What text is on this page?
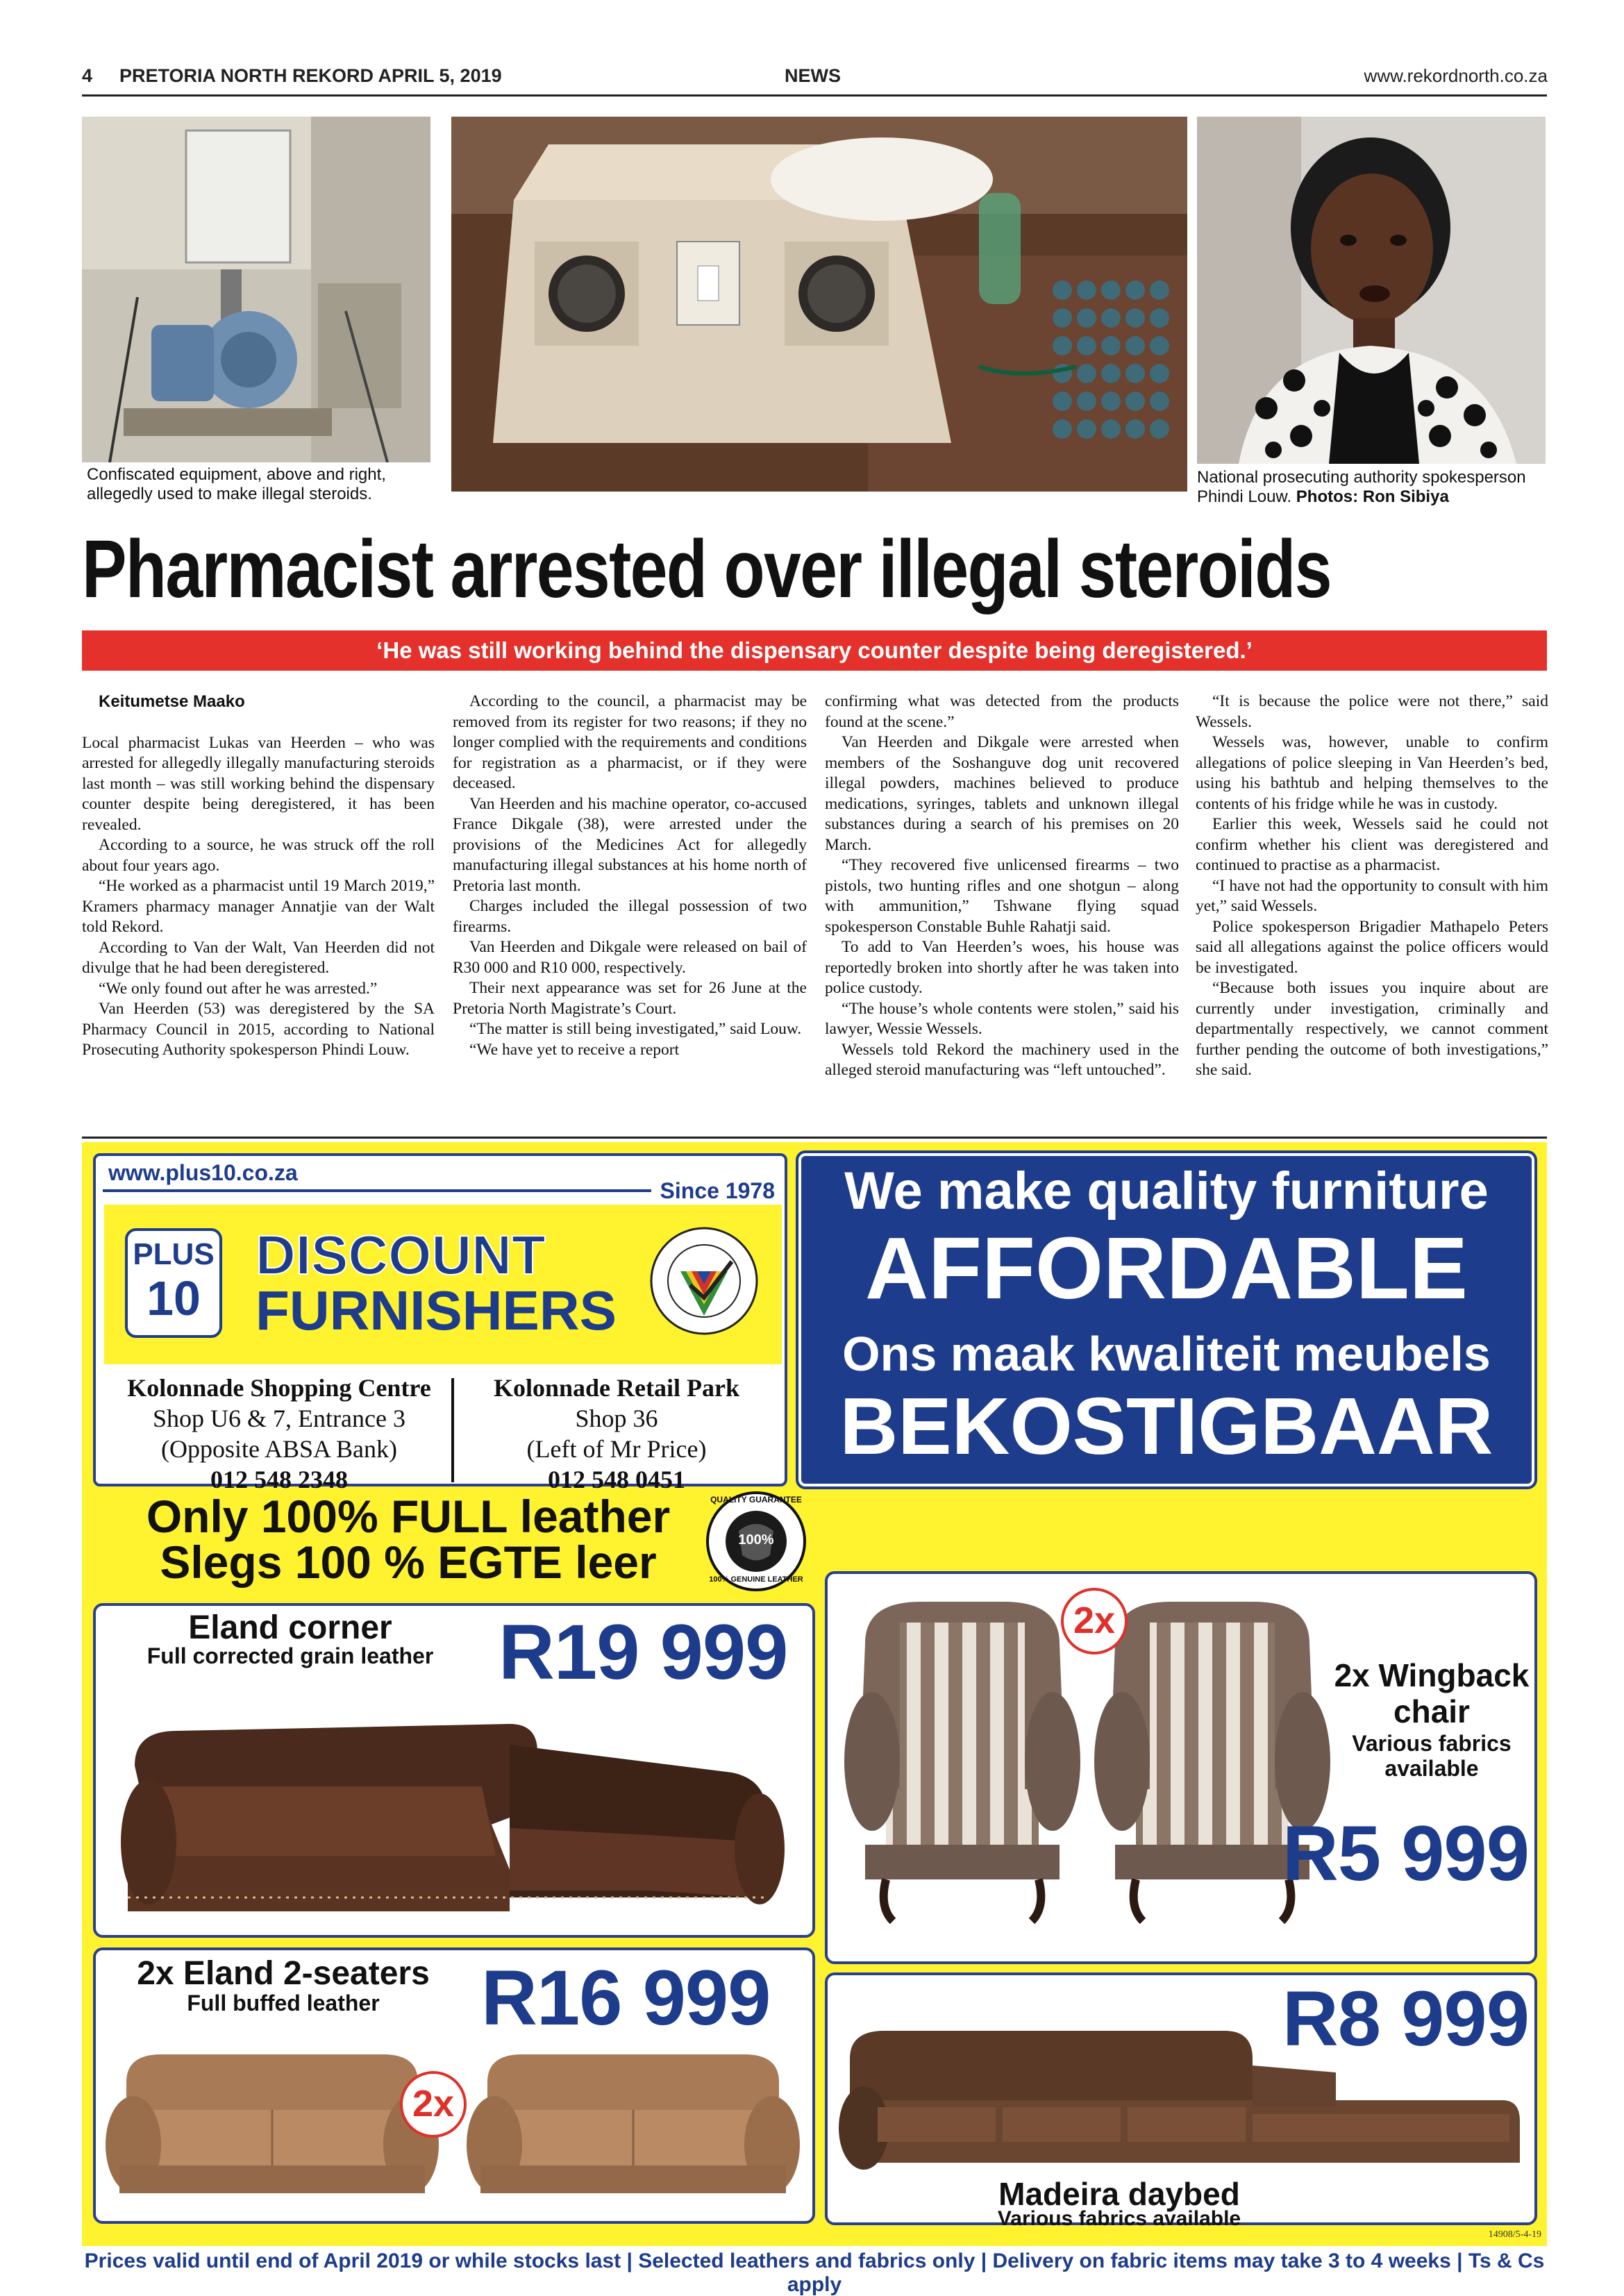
4 PRETORIA NORTH REKORD APRIL 5, 2019	NEWS	www.rekordnorth.co.za
Confiscated equipment, above and right, allegedly used to make illegal steroids.
National prosecuting authority spokesperson Phindi Louw. Photos: Ron Sibiya
Pharmacist arrested over illegal steroids
‘He was still working behind the dispensary counter despite being deregistered.’

Keitumetse Maako

Local pharmacist Lukas van Heerden – who was arrested for allegedly illegally manufacturing steroids last month – was still working behind the dispensary counter despite being deregistered, it has been revealed.

According to a source, he was struck off the roll about four years ago.

“He worked as a pharmacist until 19 March 2019,” Kramers pharmacy manager Annatjie van der Walt told Rekord.

According to Van der Walt, Van Heerden did not divulge that he had been deregistered.

“We only found out after he was arrested.”

Van Heerden (53) was deregistered by the SA Pharmacy Council in 2015, according to National Prosecuting Authority spokesperson Phindi Louw.

According to the council, a pharmacist may be removed from its register for two reasons; if they no longer complied with the requirements and conditions for registration as a pharmacist, or if they were deceased.

Van Heerden and his machine operator, co-accused France Dikgale (38), were arrested under the provisions of the Medicines Act for allegedly manufacturing illegal substances at his home north of Pretoria last month.

Charges included the illegal possession of two firearms.

Van Heerden and Dikgale were released on bail of R30 000 and R10 000, respectively.

Their next appearance was set for 26 June at the Pretoria North Magistrate’s Court.

“The matter is still being investigated,” said Louw.

“We have yet to receive a report

confirming what was detected from the products found at the scene.”

Van Heerden and Dikgale were arrested when members of the Soshanguve dog unit recovered illegal powders, machines believed to produce medications, syringes, tablets and unknown illegal substances during a search of his premises on 20 March.

“They recovered five unlicensed firearms – two pistols, two hunting rifles and one shotgun – along with ammunition,” Tshwane flying squad spokesperson Constable Buhle Rahatji said.

To add to Van Heerden’s woes, his house was reportedly broken into shortly after he was taken into police custody.

“The house’s whole contents were stolen,” said his lawyer, Wessie Wessels.

Wessels told Rekord the machinery used in the alleged steroid manufacturing was “left untouched”.

“It is because the police were not there,” said Wessels.

Wessels was, however, unable to confirm allegations of police sleeping in Van Heerden’s bed, using his bathtub and helping themselves to the contents of his fridge while he was in custody.

Earlier this week, Wessels said he could not confirm whether his client was deregistered and continued to practise as a pharmacist.

“I have not had the opportunity to consult with him yet,” said Wessels.

Police spokesperson Brigadier Mathapelo Peters said all allegations against the police officers would be investigated.

“Because both issues you inquire about are currently under investigation, criminally and departmentally respectively, we cannot comment further pending the outcome of both investigations,” she said.

www.plus10.co.za
Since 1978
PLUS
10
DISCOUNT
FURNISHERS
Kolonnade Shopping Centre
Shop U6 & 7, Entrance 3
(Opposite ABSA Bank)
012 548 2348
Kolonnade Retail Park
Shop 36
(Left of Mr Price)
012 548 0451
We make quality furniture
AFFORDABLE
Ons maak kwaliteit meubels
BEKOSTIGBAAR
Only 100% FULL leather
Slegs 100 % EGTE leer
QUALITY GUARANTEE
100%
100% GENUINE LEATHER
Eland corner
Full corrected grain leather R19 999	2x
2x Wingback
chair
Various fabrics
available
R5 999
2x Eland 2-seaters
Full buffed leather	R16 999
2x
R8 999
Madeira daybed
Various fabrics available
14908/5-4-19
Prices valid until end of April 2019 or while stocks last | Selected leathers and fabrics only | Delivery on fabric items may take 3 to 4 weeks | Ts & Cs apply
